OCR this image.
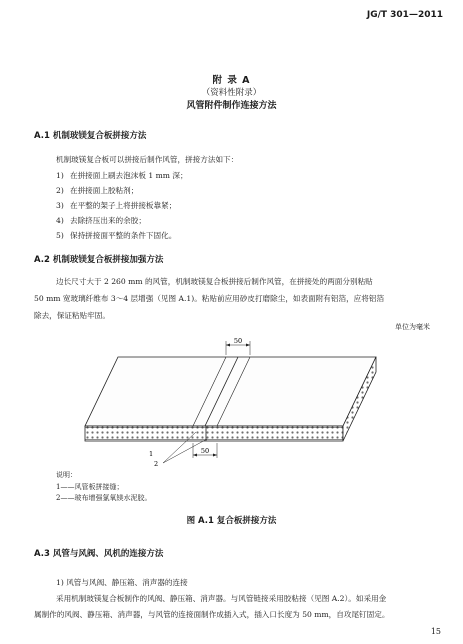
JG/T 301—2011
附 录 A
（资料性附录）
风管附件制作连接方法
A.1 机制玻镁复合板拼接方法
机制玻镁复合板可以拼接后制作风管，拼接方法如下：
1) 在拼接面上刷去泡沫板 1 mm 深；
2) 在拼接面上胶粘剂；
3) 在平整的架子上将拼接板靠紧；
4) 去除挤压出来的余胶；
5) 保持拼接面平整的条件下固化。
A.2 机制玻镁复合板拼接加强方法
边长尺寸大于 2 260 mm 的风管，机制玻镁复合板拼接后制作风管，在拼接处的两面分别粘贴
50 mm 宽玻璃纤维布 3～4 层增强（见图 A.1)。粘贴前应用砂皮打磨除尘，如表面附有铝箔，应将铝箔
除去，保证粘贴牢固。
单位为毫米
50
50
1
2
说明：
1——风管板拼接缝；
2——玻布增强氯氧镁水泥胶。
图 A.1 复合板拼接方法
A.3 风管与风阀、风机的连接方法
1) 风管与风阀、静压箱、消声器的连接
采用机制玻镁复合板制作的风阀、静压箱、消声器。与风管链接采用胶粘接（见图 A.2）。如采用金
属制作的风阀、静压箱、消声器，与风管的连接面制作成插入式，插入口长度为 50 mm，自攻尾钉固定。
15
